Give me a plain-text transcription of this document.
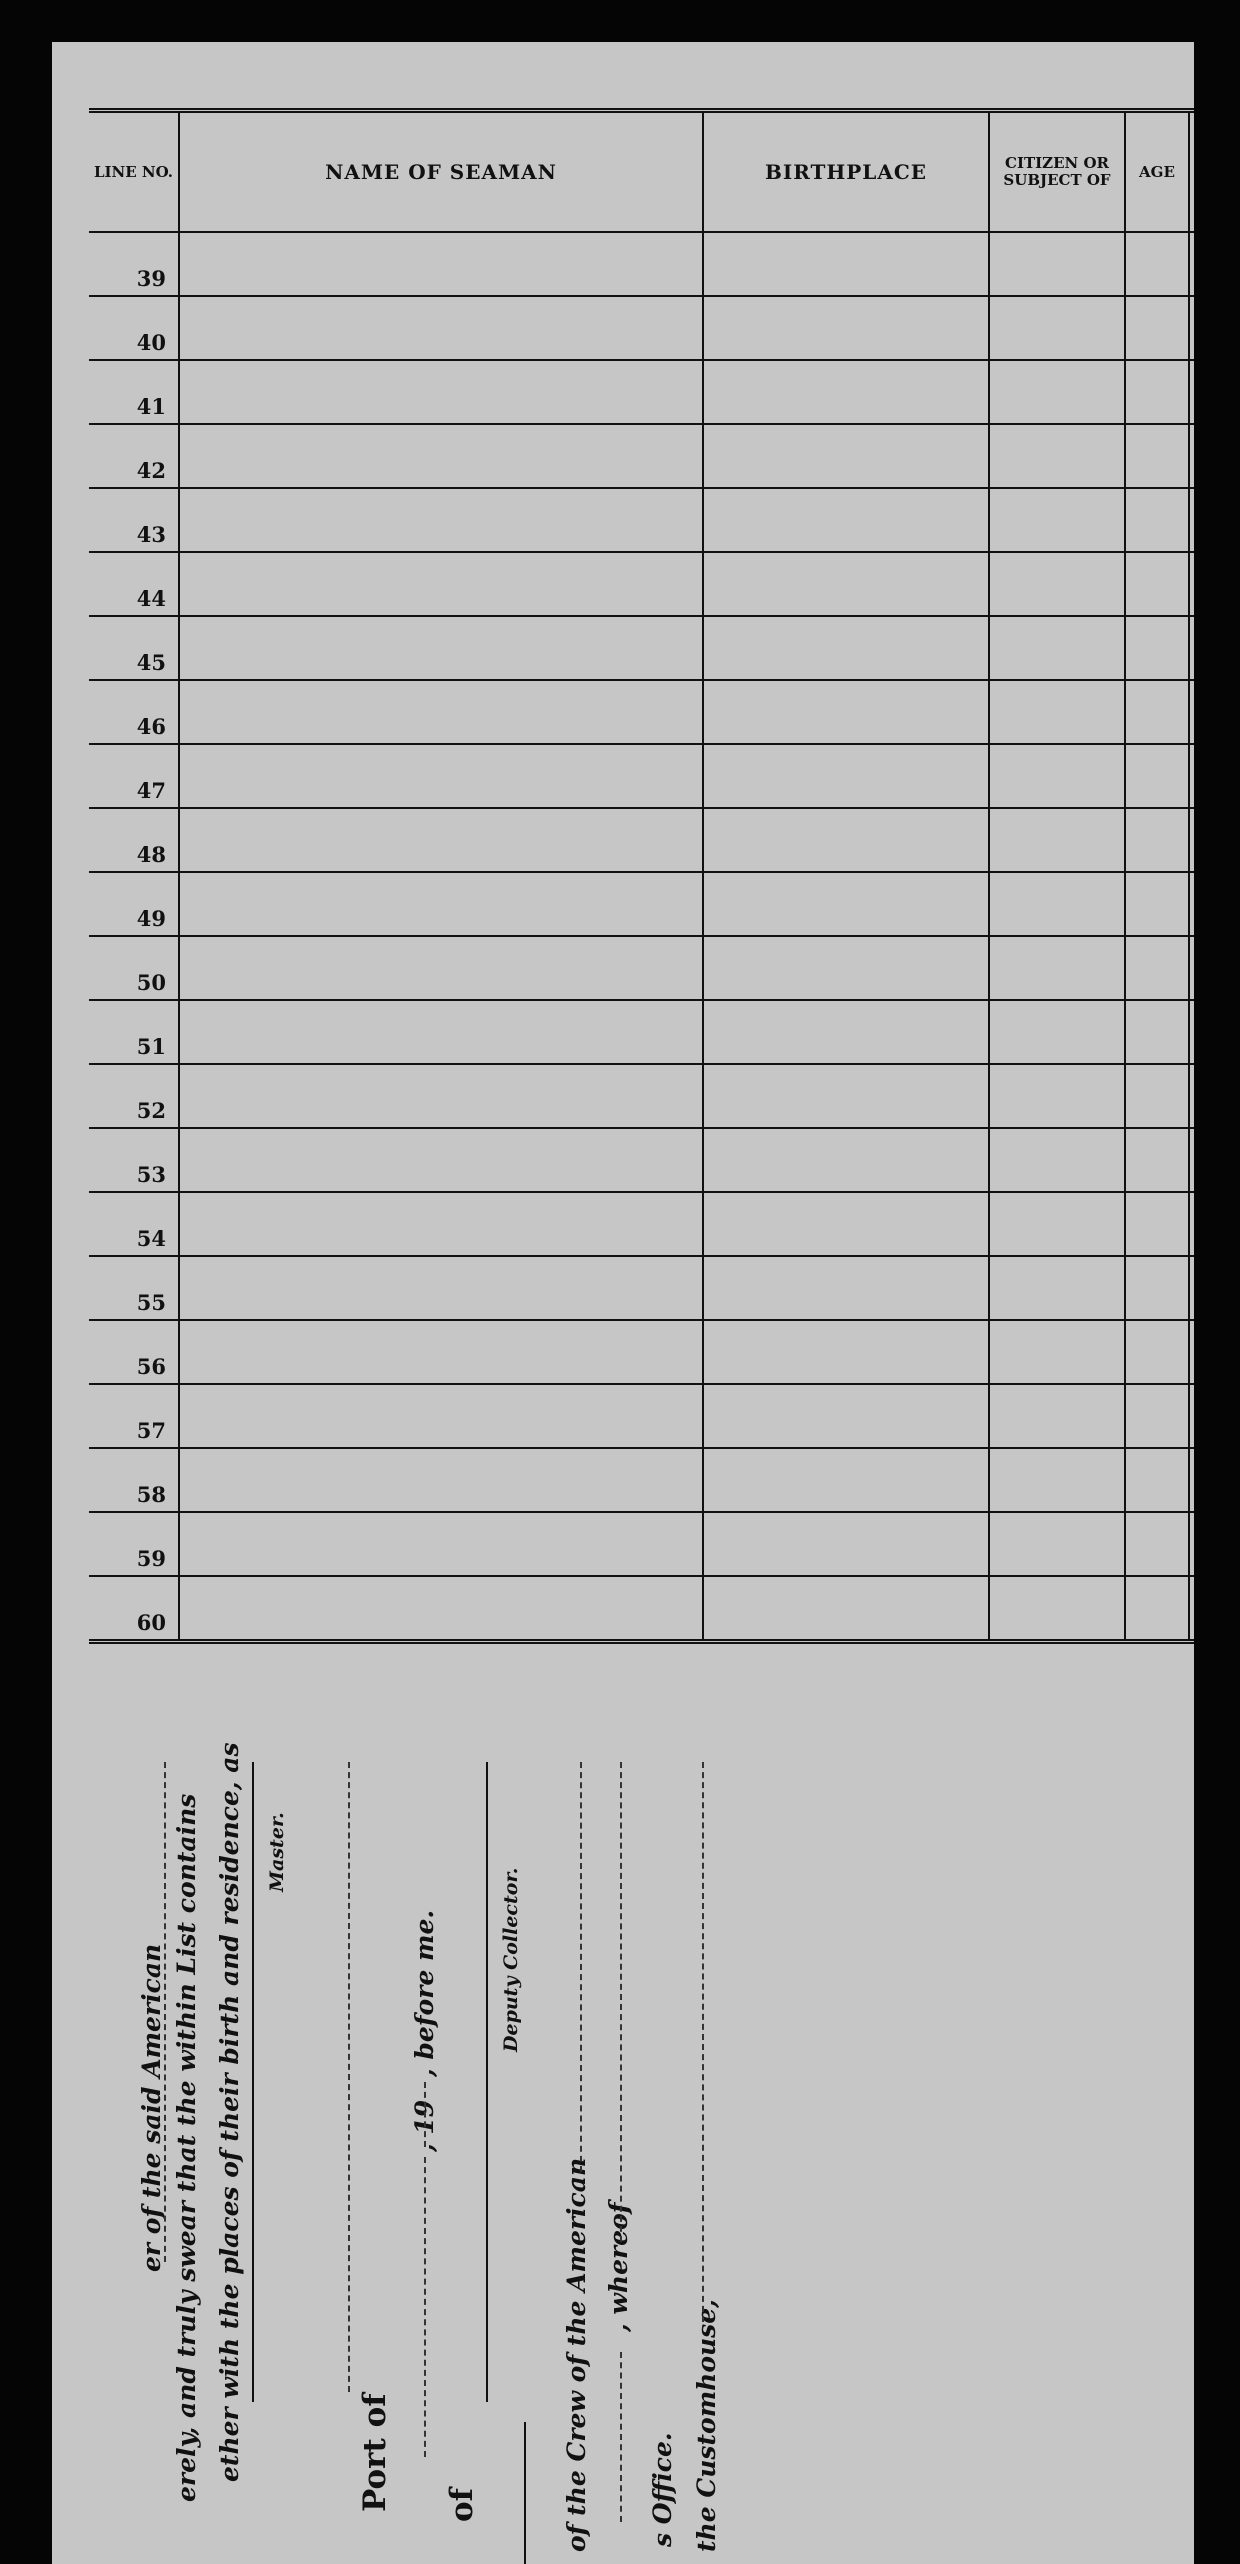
LINE NO.	NAME OF SEAMAN	BIRTHPLACE	CITIZEN OR SUBJECT OF	AGE	
39					
40					
41					
42					
43					
44					
45					
46					
47					
48					
49					
50					
51					
52					
53					
54					
55					
56					
57					
58					
59					
60					
er of the said American erely, and truly swear that the within List contains ether with the places of their birth and residence, as Master.
Port of of
, 19
, before me.	Deputy Collector.
of the Crew of the American , whereof
s Office. the Customhouse,
